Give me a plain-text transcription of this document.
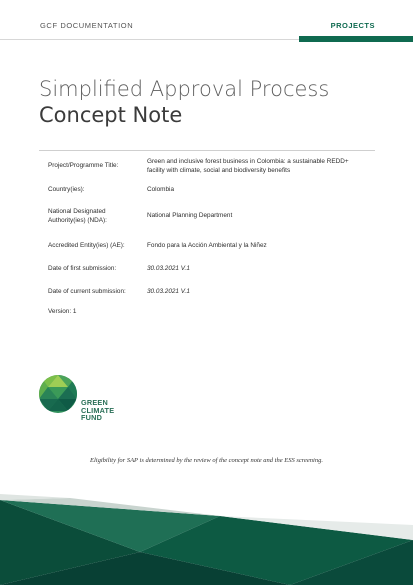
GCF DOCUMENTATION	PROJECTS
Simplified Approval Process
Concept Note
Project/Programme Title:
Green and inclusive forest business in Colombia: a sustainable REDD+ facility with climate, social and biodiversity benefits
Country(ies):	Colombia
National Designated Authority(ies) (NDA):
National Planning Department
Accredited Entity(ies) (AE):	Fondo para la Acción Ambiental y la Niñez
Date of first submission:	30.03.2021 V.1
Date of current submission:	30.03.2021 V.1
Version: 1
GREEN
CLIMATE
FUND
Eligibility for SAP is determined by the review of the concept note and the ESS screening.
